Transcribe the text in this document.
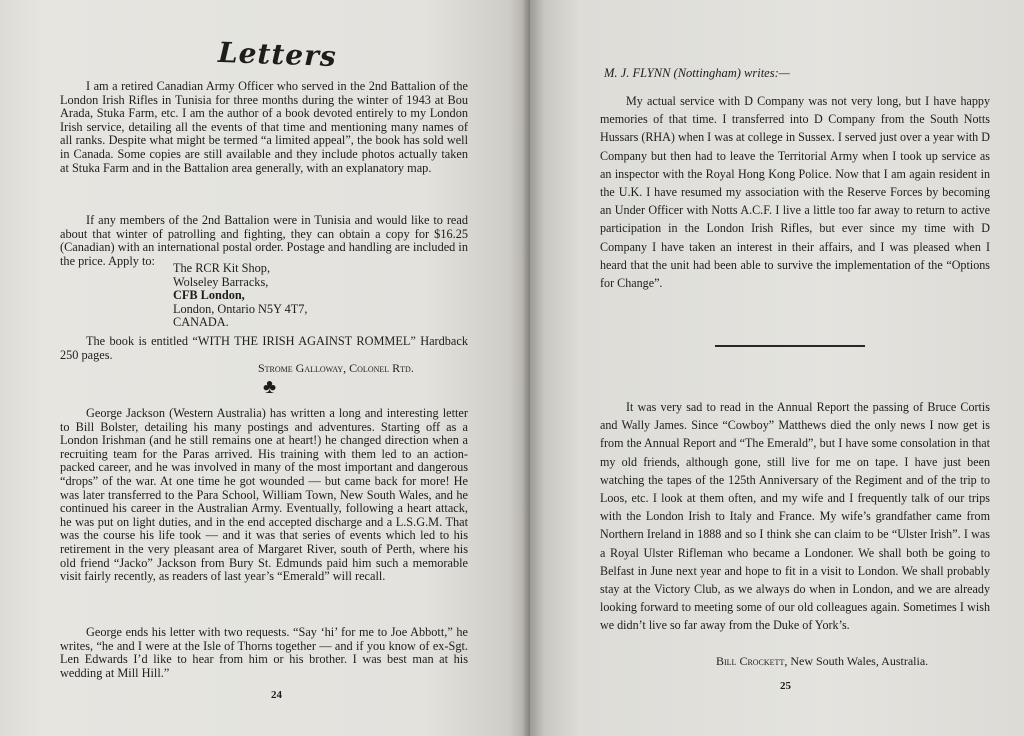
Letters

I am a retired Canadian Army Officer who served in the 2nd Battalion of the London Irish Rifles in Tunisia for three months during the winter of 1943 at Bou Arada, Stuka Farm, etc. I am the author of a book devoted entirely to my London Irish service, detailing all the events of that time and mentioning many names of all ranks. Despite what might be termed “a limited appeal”, the book has sold well in Canada. Some copies are still available and they include photos actually taken at Stuka Farm and in the Battalion area generally, with an explanatory map.

If any members of the 2nd Battalion were in Tunisia and would like to read about that winter of patrolling and fighting, they can obtain a copy for $16.25 (Canadian) with an international postal order. Postage and handling are included in the price. Apply to:

The RCR Kit Shop,
Wolseley Barracks,
CFB London,
London, Ontario N5Y 4T7,
CANADA.

The book is entitled “WITH THE IRISH AGAINST ROMMEL” Hardback 250 pages.

Strome Galloway, Colonel Rtd.
♣

George Jackson (Western Australia) has written a long and interesting letter to Bill Bolster, detailing his many postings and adventures. Starting off as a London Irishman (and he still remains one at heart!) he changed direction when a recruiting team for the Paras arrived. His training with them led to an action-packed career, and he was involved in many of the most important and dangerous “drops” of the war. At one time he got wounded — but came back for more! He was later transferred to the Para School, William Town, New South Wales, and he continued his career in the Australian Army. Eventually, following a heart attack, he was put on light duties, and in the end accepted discharge and a L.S.G.M. That was the course his life took — and it was that series of events which led to his retirement in the very pleasant area of Margaret River, south of Perth, where his old friend “Jacko” Jackson from Bury St. Edmunds paid him such a memorable visit fairly recently, as readers of last year’s “Emerald” will recall.

George ends his letter with two requests. “Say ‘hi’ for me to Joe Abbott,” he writes, “he and I were at the Isle of Thorns together — and if you know of ex-Sgt. Len Edwards I’d like to hear from him or his brother. I was best man at his wedding at Mill Hill.”

24
M. J. FLYNN (Nottingham) writes:—

My actual service with D Company was not very long, but I have happy memories of that time. I transferred into D Company from the South Notts Hussars (RHA) when I was at college in Sussex. I served just over a year with D Company but then had to leave the Territorial Army when I took up service as an inspector with the Royal Hong Kong Police. Now that I am again resident in the U.K. I have resumed my association with the Reserve Forces by becoming an Under Officer with Notts A.C.F. I live a little too far away to return to active participation in the London Irish Rifles, but ever since my time with D Company I have taken an interest in their affairs, and I was pleased when I heard that the unit had been able to survive the implementation of the “Options for Change”.

It was very sad to read in the Annual Report the passing of Bruce Cortis and Wally James. Since “Cowboy” Matthews died the only news I now get is from the Annual Report and “The Emerald”, but I have some consolation in that my old friends, although gone, still live for me on tape. I have just been watching the tapes of the 125th Anniversary of the Regiment and of the trip to Loos, etc. I look at them often, and my wife and I frequently talk of our trips with the London Irish to Italy and France. My wife’s grandfather came from Northern Ireland in 1888 and so I think she can claim to be “Ulster Irish”. I was a Royal Ulster Rifleman who became a Londoner. We shall both be going to Belfast in June next year and hope to fit in a visit to London. We shall probably stay at the Victory Club, as we always do when in London, and we are already looking forward to meeting some of our old colleagues again. Sometimes I wish we didn’t live so far away from the Duke of York’s.

Bill Crockett, New South Wales, Australia.
25
